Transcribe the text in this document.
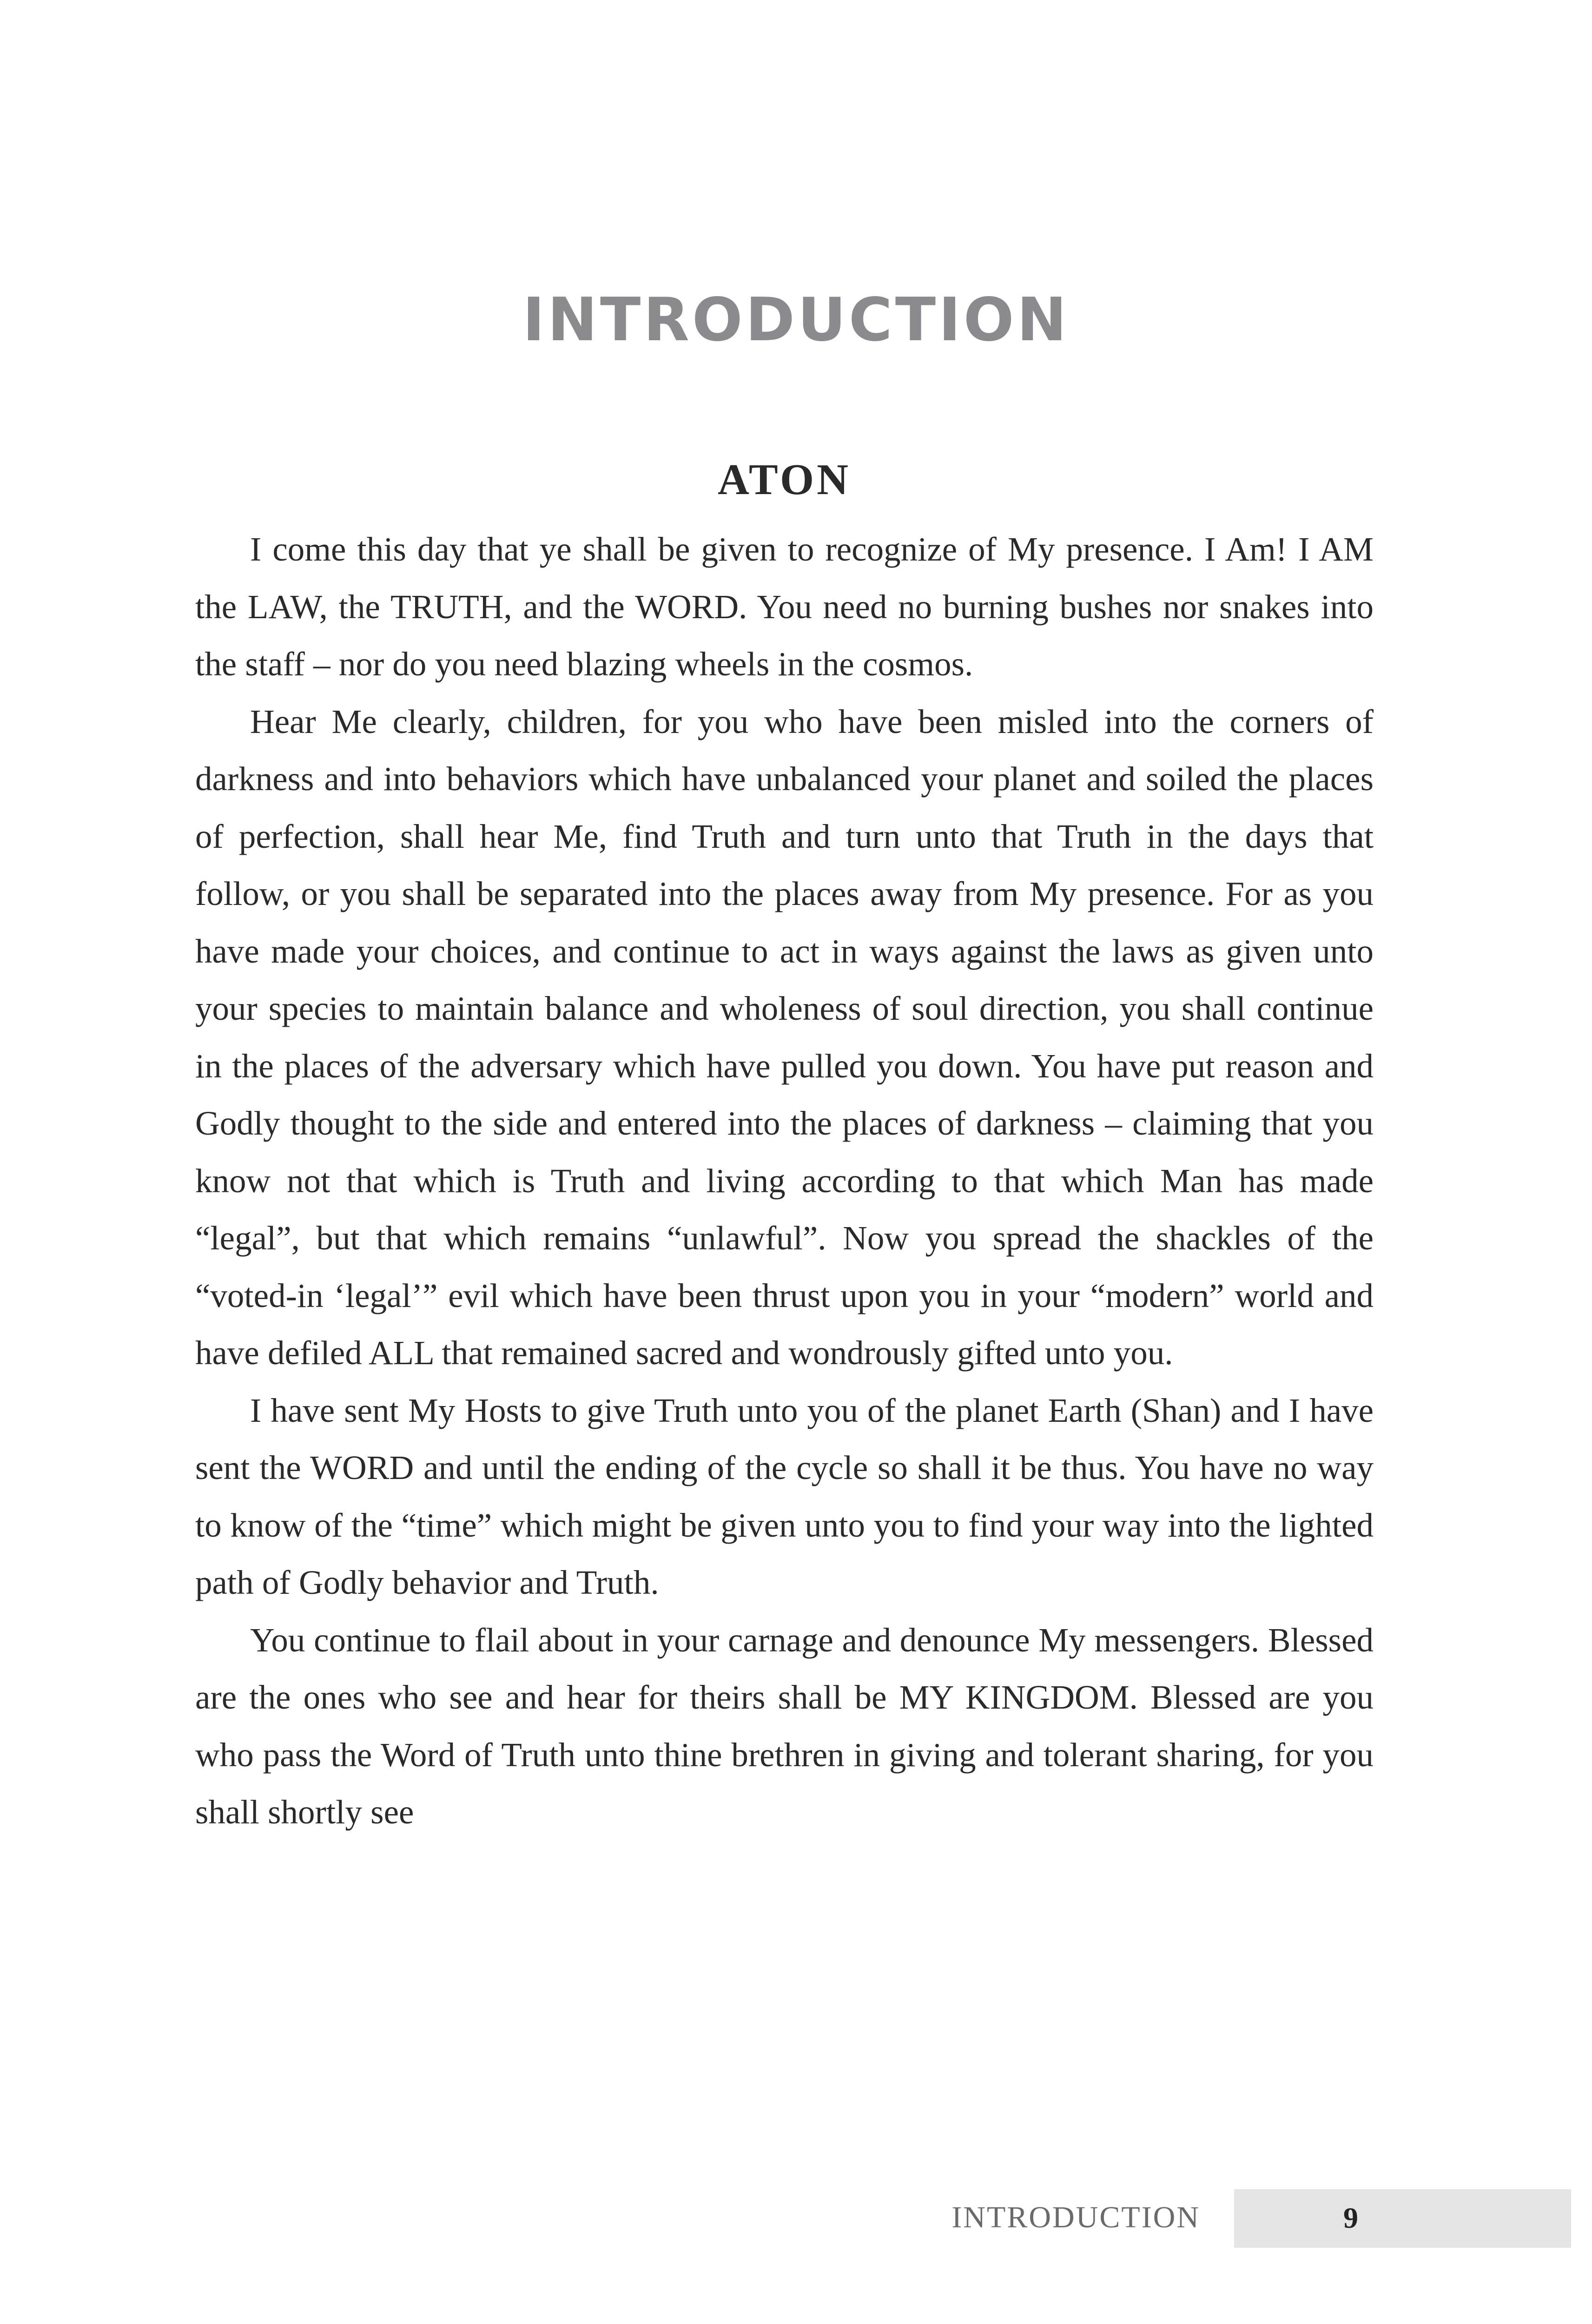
INTRODUCTION
ATON

I come this day that ye shall be given to recognize of My presence. I Am! I AM the LAW, the TRUTH, and the WORD. You need no burning bushes nor snakes into the staff – nor do you need blazing wheels in the cosmos.

Hear Me clearly, children, for you who have been misled into the corners of darkness and into behaviors which have unbalanced your planet and soiled the places of perfection, shall hear Me, find Truth and turn unto that Truth in the days that follow, or you shall be separated into the places away from My presence. For as you have made your choices, and continue to act in ways against the laws as given unto your species to maintain balance and wholeness of soul direction, you shall continue in the places of the adversary which have pulled you down. You have put reason and Godly thought to the side and entered into the places of darkness – claiming that you know not that which is Truth and living according to that which Man has made “legal”, but that which remains “unlawful”. Now you spread the shackles of the “voted-in ‘legal’” evil which have been thrust upon you in your “modern” world and have defiled ALL that remained sacred and wondrously gifted unto you.

I have sent My Hosts to give Truth unto you of the planet Earth (Shan) and I have sent the WORD and until the ending of the cycle so shall it be thus. You have no way to know of the “time” which might be given unto you to find your way into the lighted path of Godly behavior and Truth.

You continue to flail about in your carnage and denounce My messengers. Blessed are the ones who see and hear for theirs shall be MY KINGDOM. Blessed are you who pass the Word of Truth unto thine brethren in giving and tolerant sharing, for you shall shortly see

INTRODUCTION	9
